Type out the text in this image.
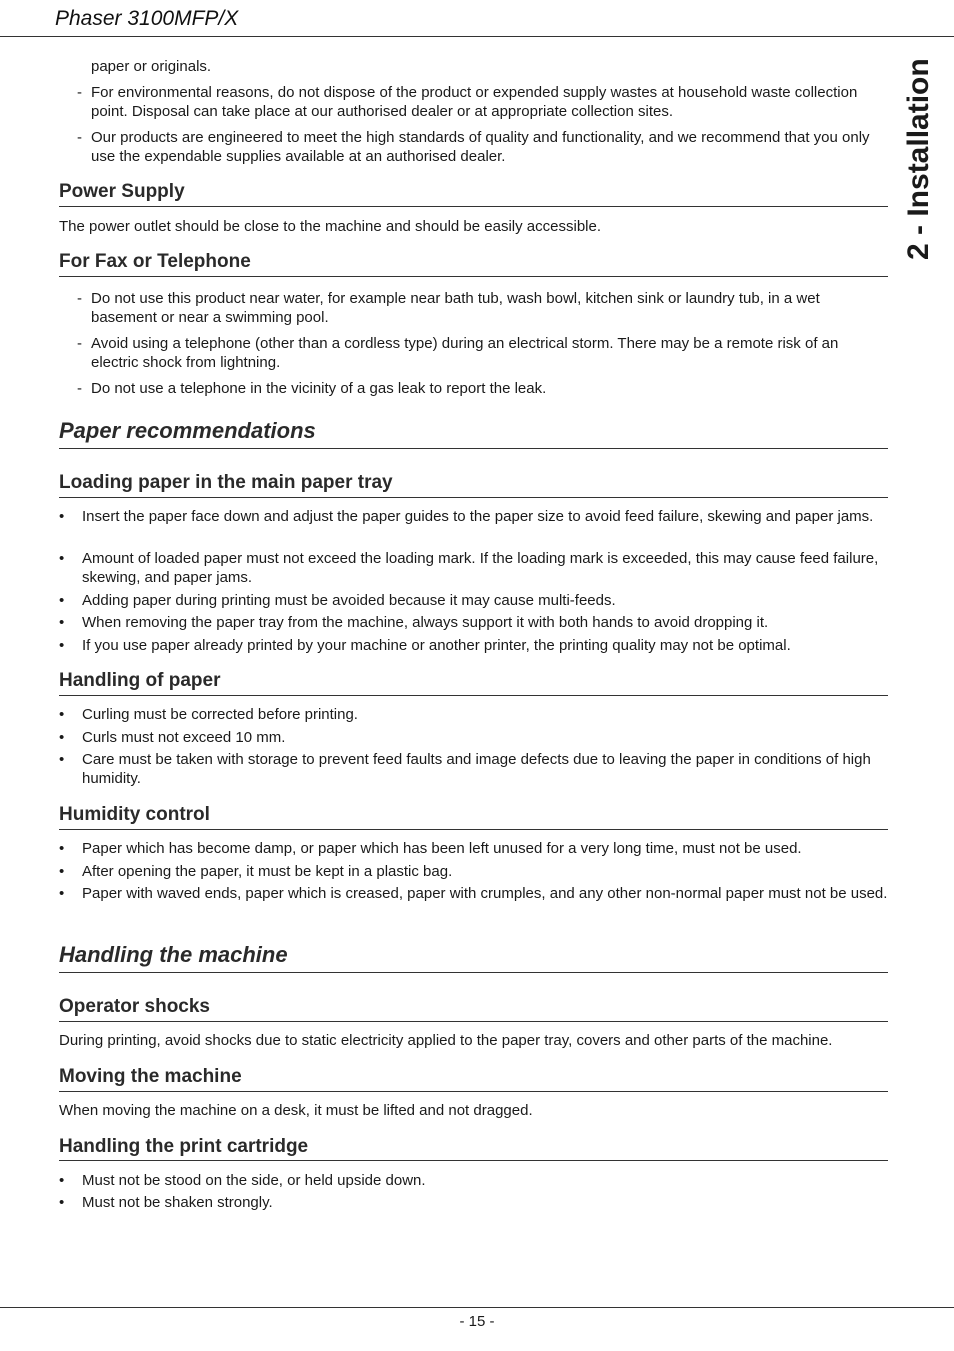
Phaser 3100MFP/X
2 - Installation
paper or originals.
- For environmental reasons, do not dispose of the product or expended supply wastes at household waste collection point. Disposal can take place at our authorised dealer or at appropriate collection sites.
- Our products are engineered to meet the high standards of quality and functionality, and we recommend that you only use the expendable supplies available at an authorised dealer.
Power Supply
The power outlet should be close to the machine and should be easily accessible.
For Fax or Telephone
- Do not use this product near water, for example near bath tub, wash bowl, kitchen sink or laundry tub, in a wet basement or near a swimming pool.
- Avoid using a telephone (other than a cordless type) during an electrical storm. There may be a remote risk of an electric shock from lightning.
- Do not use a telephone in the vicinity of a gas leak to report the leak.
Paper recommendations
Loading paper in the main paper tray
• Insert the paper face down and adjust the paper guides to the paper size to avoid feed failure, skewing and paper jams.
• Amount of loaded paper must not exceed the loading mark. If the loading mark is exceeded, this may cause feed failure, skewing, and paper jams.
• Adding paper during printing must be avoided because it may cause multi-feeds.
• When removing the paper tray from the machine, always support it with both hands to avoid dropping it.
• If you use paper already printed by your machine or another printer, the printing quality may not be optimal.
Handling of paper
• Curling must be corrected before printing.
• Curls must not exceed 10 mm.
• Care must be taken with storage to prevent feed faults and image defects due to leaving the paper in conditions of high humidity.
Humidity control
• Paper which has become damp, or paper which has been left unused for a very long time, must not be used.
• After opening the paper, it must be kept in a plastic bag.
• Paper with waved ends, paper which is creased, paper with crumples, and any other non-normal paper must not be used.
Handling the machine
Operator shocks
During printing, avoid shocks due to static electricity applied to the paper tray, covers and other parts of the machine.
Moving the machine
When moving the machine on a desk, it must be lifted and not dragged.
Handling the print cartridge
• Must not be stood on the side, or held upside down.
• Must not be shaken strongly.
- 15 -
